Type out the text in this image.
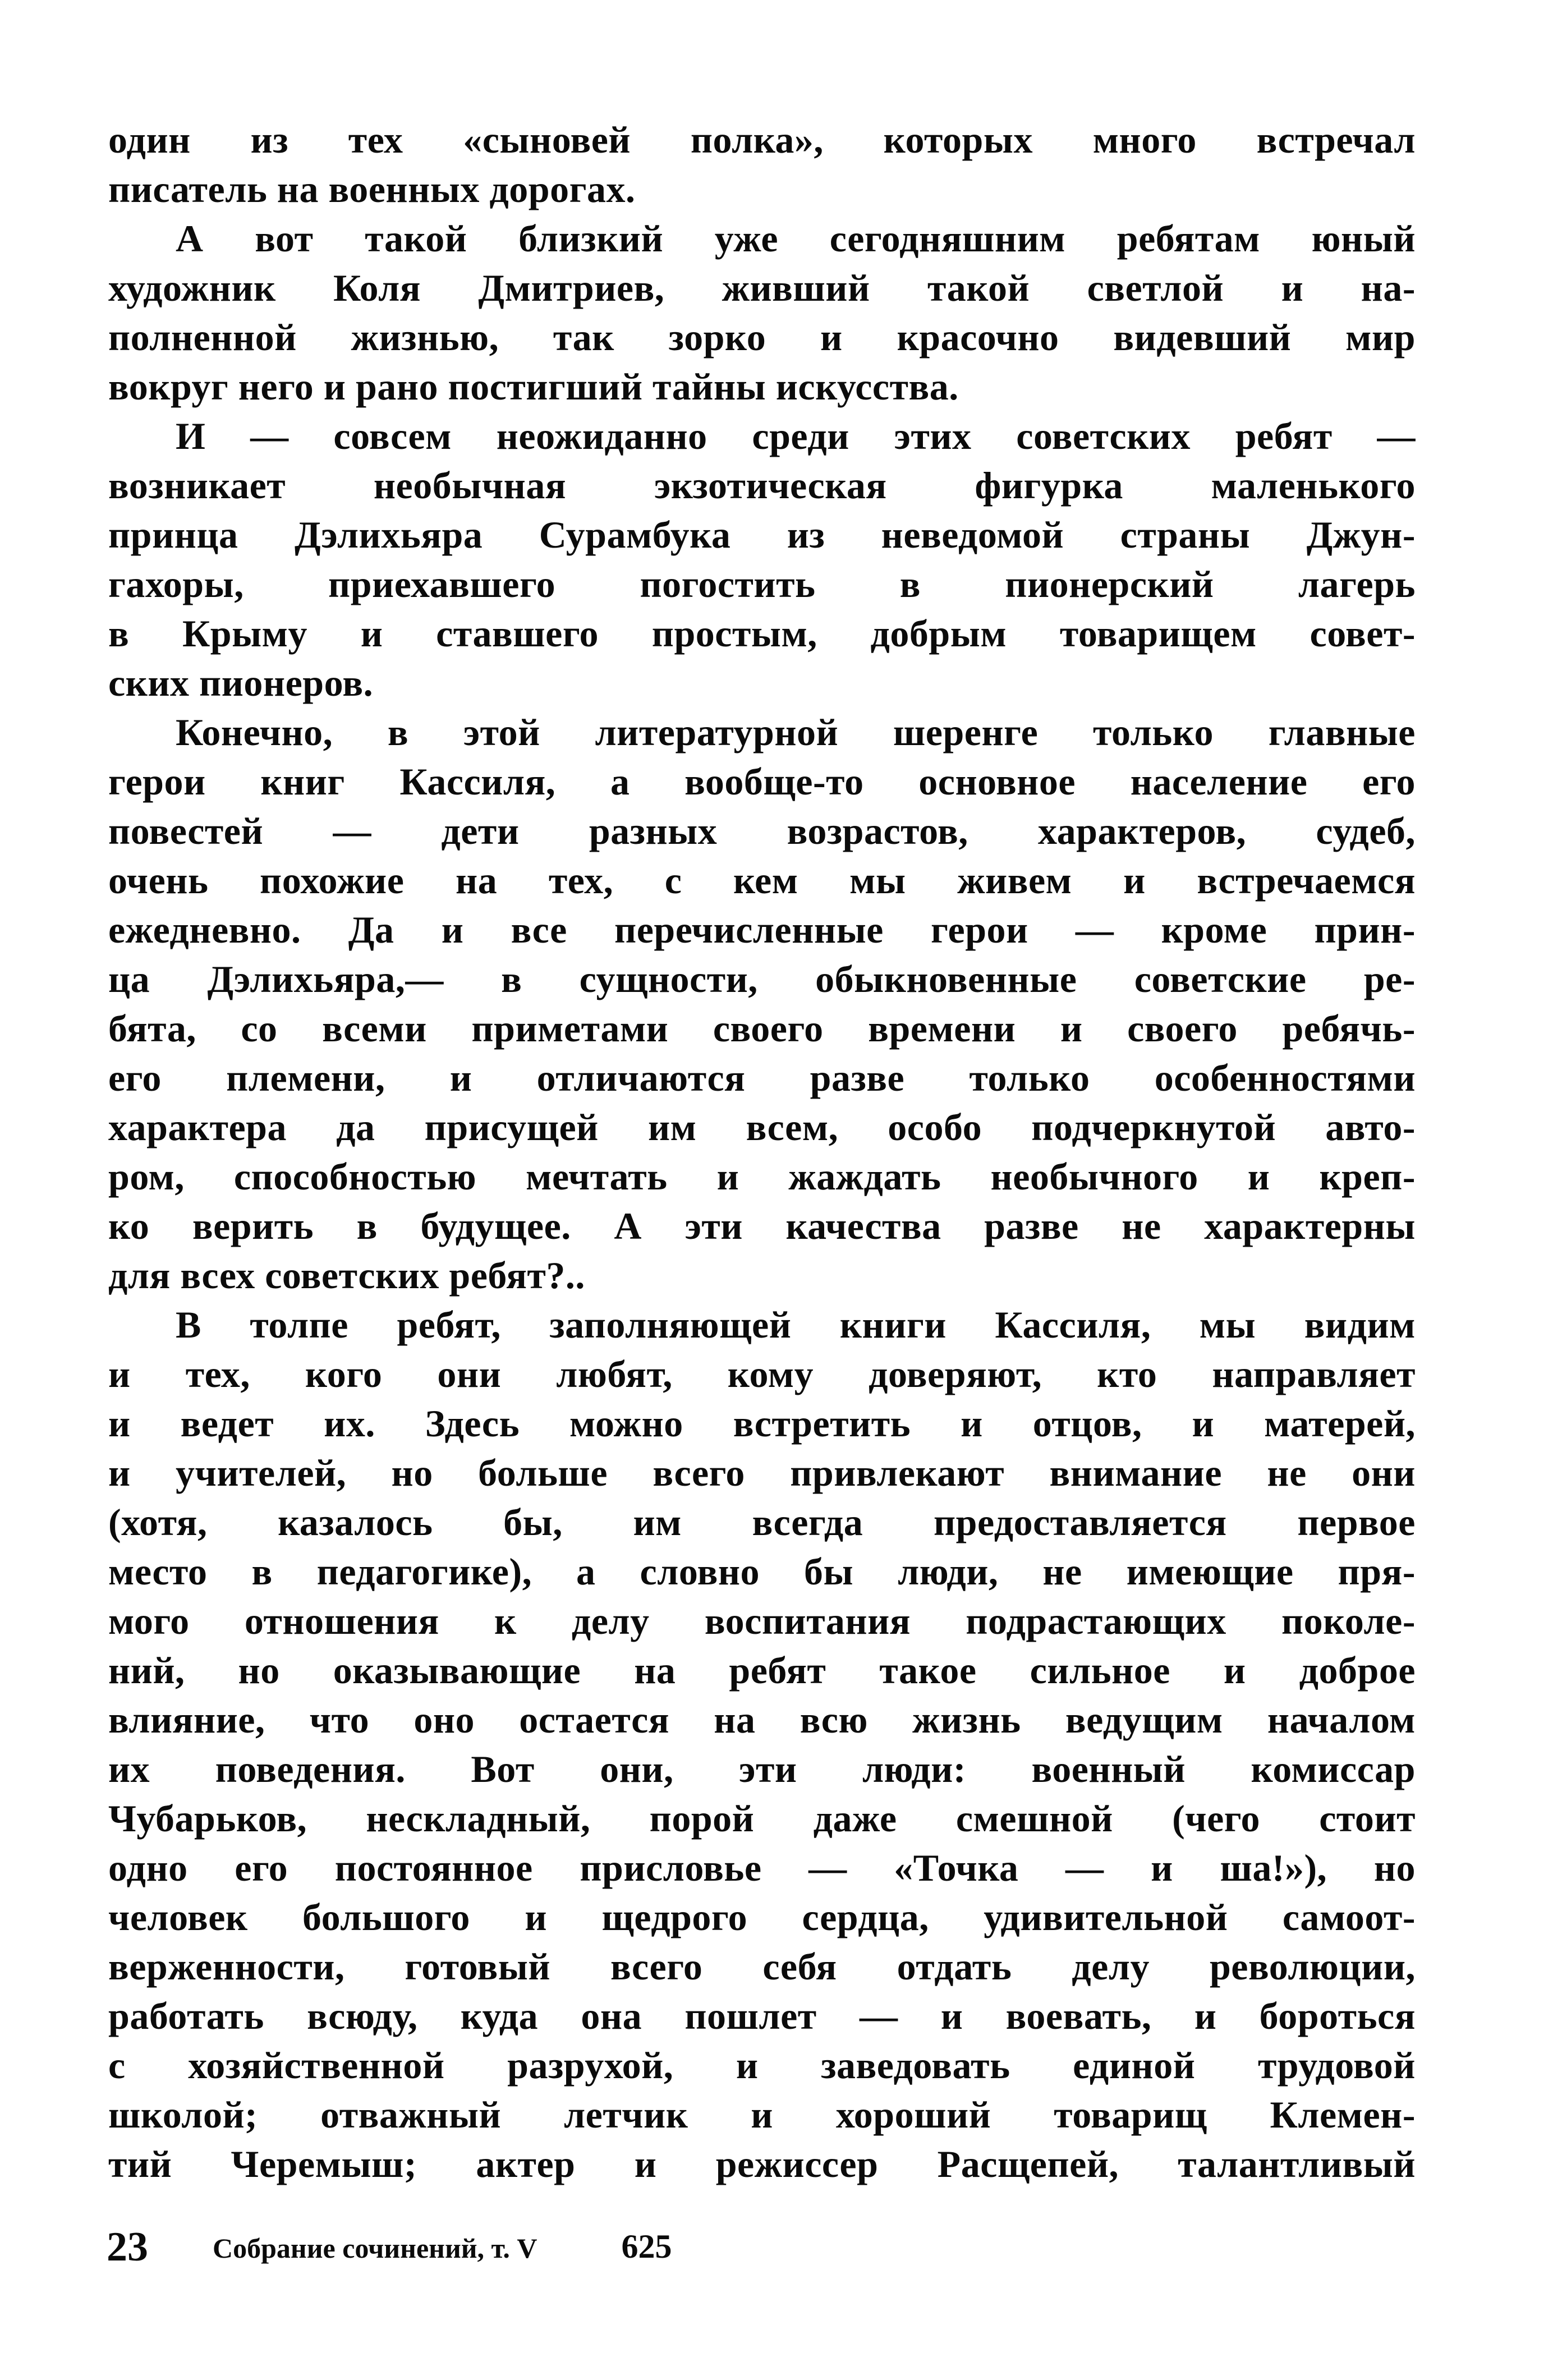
один из тех «сыновей полка», которых много встречал
писатель на военных дорогах.
А вот такой близкий уже сегодняшним ребятам юный
художник Коля Дмитриев, живший такой светлой и на-
полненной жизнью, так зорко и красочно видевший мир
вокруг него и рано постигший тайны искусства.
И — совсем неожиданно среди этих советских ребят —
возникает необычная экзотическая фигурка маленького
принца Дэлихьяра Сурамбука из неведомой страны Джун-
гахоры, приехавшего погостить в пионерский лагерь
в Крыму и ставшего простым, добрым товарищем совет-
ских пионеров.
Конечно, в этой литературной шеренге только главные
герои книг Кассиля, а вообще-то основное население его
повестей — дети разных возрастов, характеров, судеб,
очень похожие на тех, с кем мы живем и встречаемся
ежедневно. Да и все перечисленные герои — кроме прин-
ца Дэлихьяра,— в сущности, обыкновенные советские ре-
бята, со всеми приметами своего времени и своего ребячь-
его племени, и отличаются разве только особенностями
характера да присущей им всем, особо подчеркнутой авто-
ром, способностью мечтать и жаждать необычного и креп-
ко верить в будущее. А эти качества разве не характерны
для всех советских ребят?..
В толпе ребят, заполняющей книги Кассиля, мы видим
и тех, кого они любят, кому доверяют, кто направляет
и ведет их. Здесь можно встретить и отцов, и матерей,
и учителей, но больше всего привлекают внимание не они
(хотя, казалось бы, им всегда предоставляется первое
место в педагогике), а словно бы люди, не имеющие пря-
мого отношения к делу воспитания подрастающих поколе-
ний, но оказывающие на ребят такое сильное и доброе
влияние, что оно остается на всю жизнь ведущим началом
их поведения. Вот они, эти люди: военный комиссар
Чубарьков, нескладный, порой даже смешной (чего стоит
одно его постоянное присловье — «Точка — и ша!»), но
человек большого и щедрого сердца, удивительной самоот-
верженности, готовый всего себя отдать делу революции,
работать всюду, куда она пошлет — и воевать, и бороться
с хозяйственной разрухой, и заведовать единой трудовой
школой; отважный летчик и хороший товарищ Клемен-
тий Черемыш; актер и режиссер Расщепей, талантливый
23 Собрание сочинений, т. V	625
